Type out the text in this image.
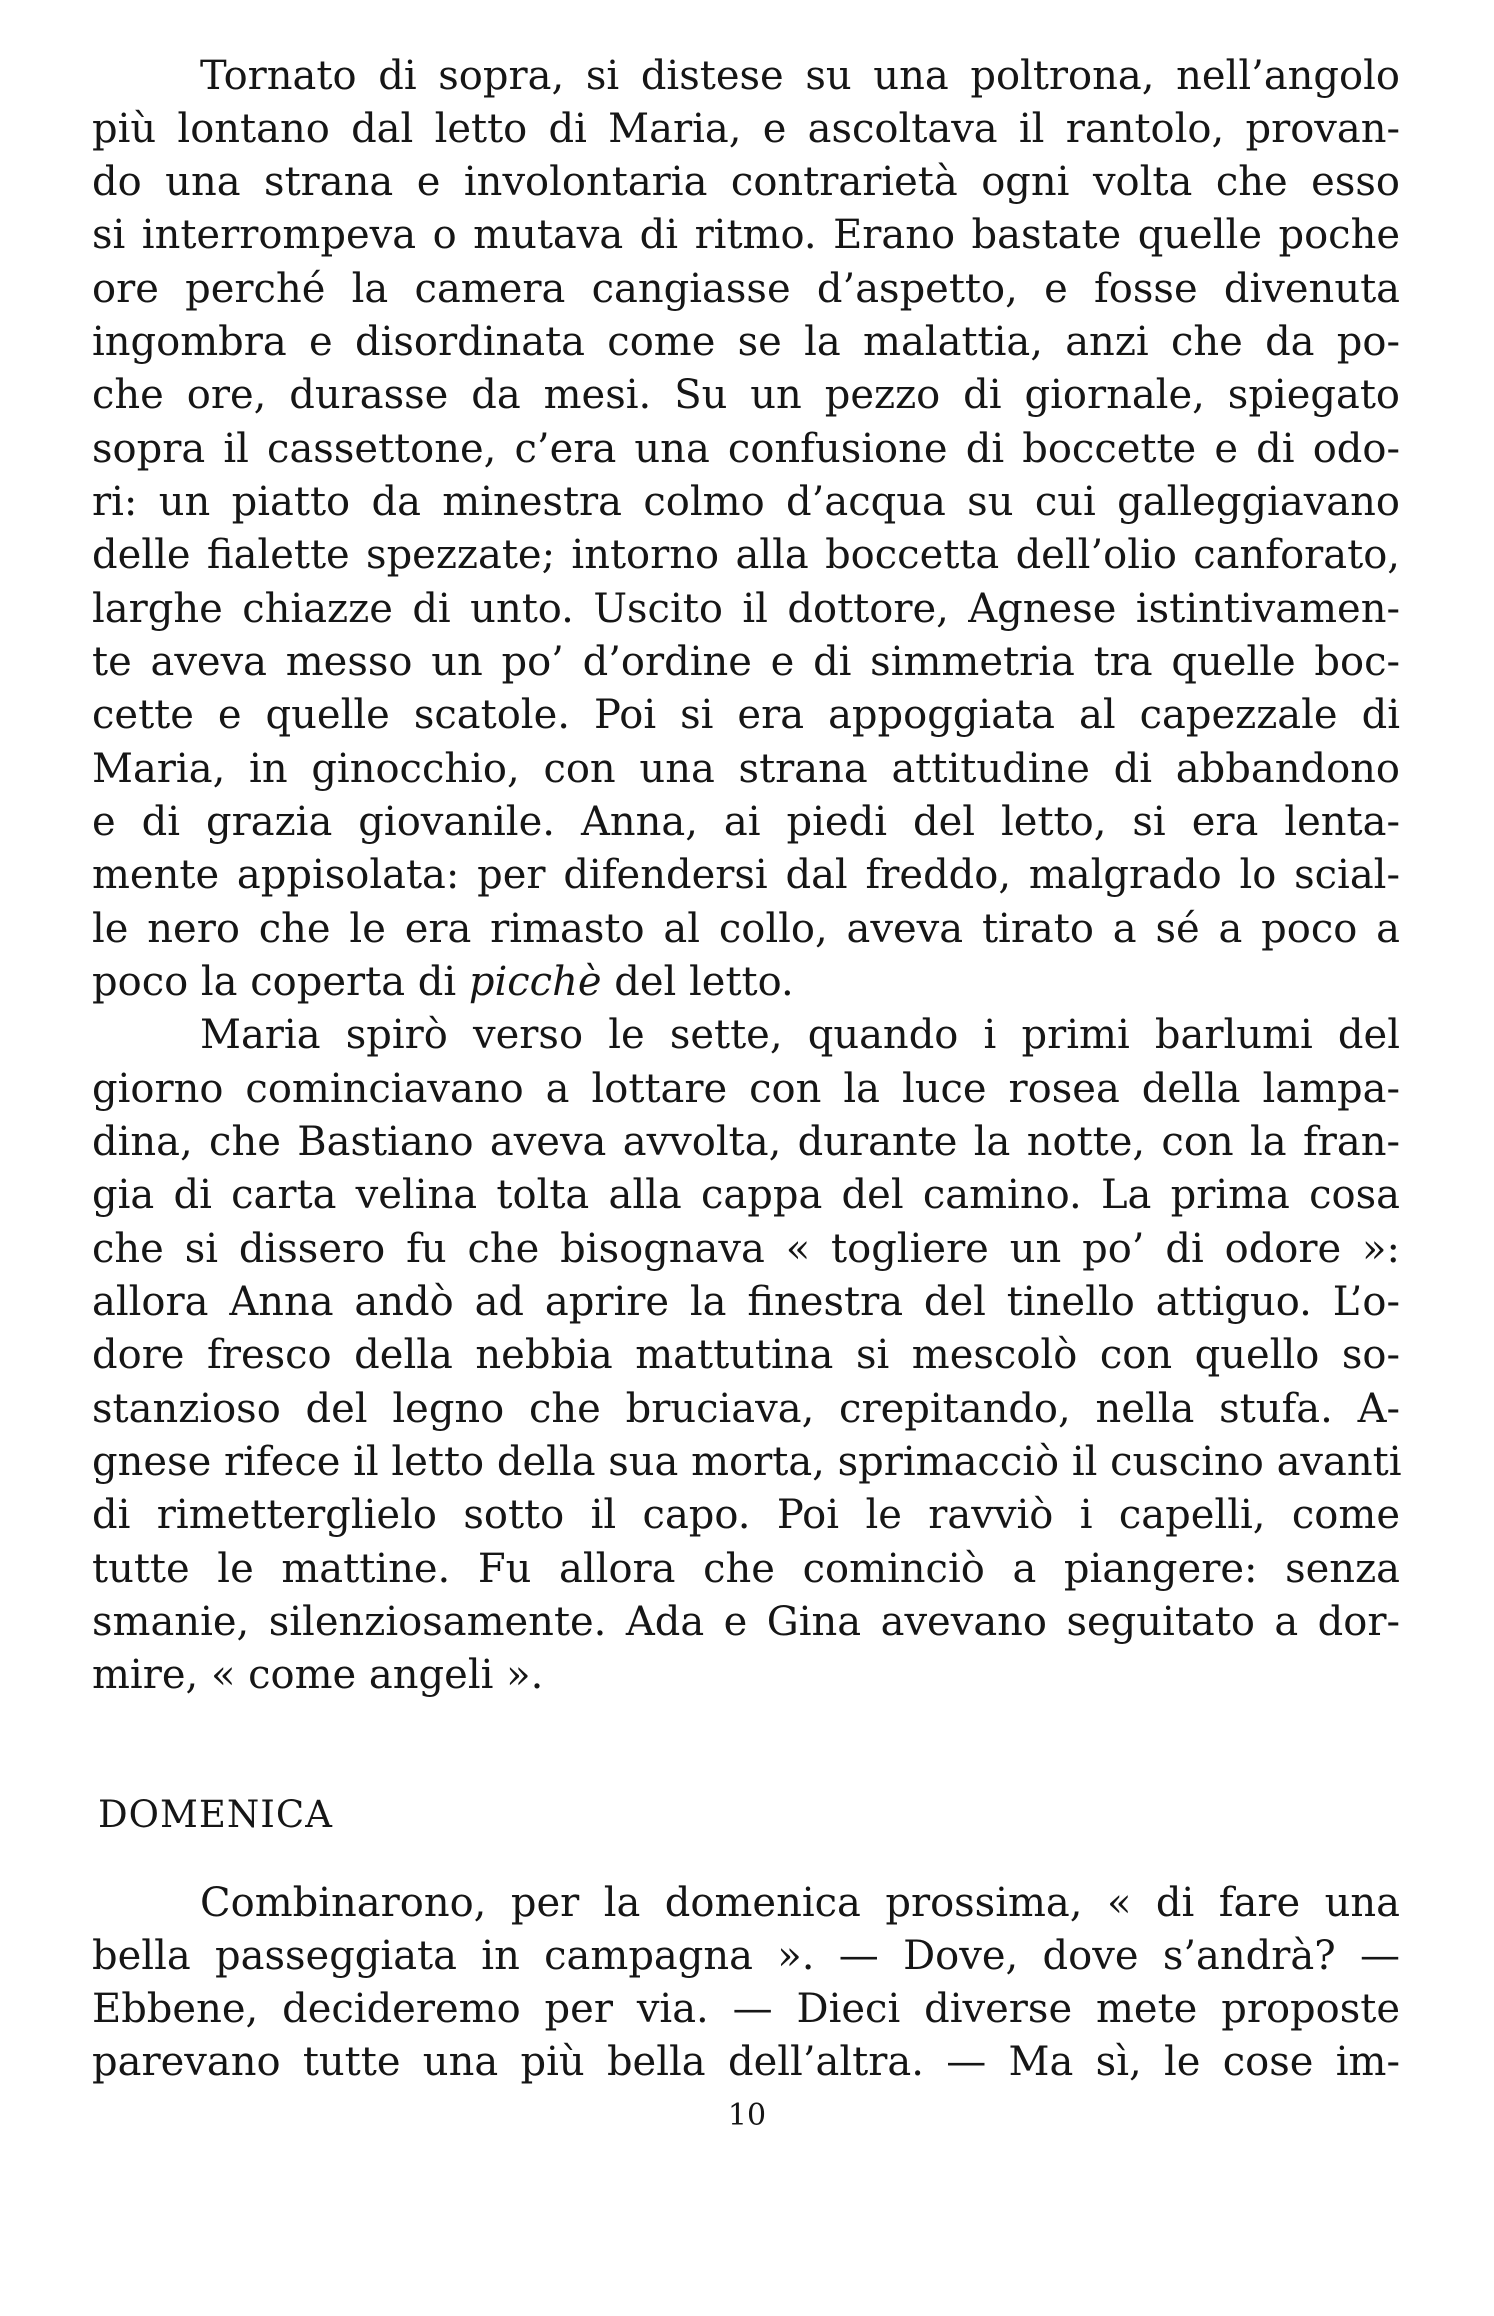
Tornato di sopra, si distese su una poltrona, nell’angolo
più lontano dal letto di Maria, e ascoltava il rantolo, provan-
do una strana e involontaria contrarietà ogni volta che esso
si interrompeva o mutava di ritmo. Erano bastate quelle poche
ore perché la camera cangiasse d’aspetto, e fosse divenuta
ingombra e disordinata come se la malattia, anzi che da po-
che ore, durasse da mesi. Su un pezzo di giornale, spiegato
sopra il cassettone, c’era una confusione di boccette e di odo-
ri: un piatto da minestra colmo d’acqua su cui galleggiavano
delle fialette spezzate; intorno alla boccetta dell’olio canforato,
larghe chiazze di unto. Uscito il dottore, Agnese istintivamen-
te aveva messo un po’ d’ordine e di simmetria tra quelle boc-
cette e quelle scatole. Poi si era appoggiata al capezzale di
Maria, in ginocchio, con una strana attitudine di abbandono
e di grazia giovanile. Anna, ai piedi del letto, si era lenta-
mente appisolata: per difendersi dal freddo, malgrado lo scial-
le nero che le era rimasto al collo, aveva tirato a sé a poco a
poco la coperta di picchè del letto.
Maria spirò verso le sette, quando i primi barlumi del
giorno cominciavano a lottare con la luce rosea della lampa-
dina, che Bastiano aveva avvolta, durante la notte, con la fran-
gia di carta velina tolta alla cappa del camino. La prima cosa
che si dissero fu che bisognava « togliere un po’ di odore »:
allora Anna andò ad aprire la finestra del tinello attiguo. L’o-
dore fresco della nebbia mattutina si mescolò con quello so-
stanzioso del legno che bruciava, crepitando, nella stufa. A-
gnese rifece il letto della sua morta, sprimacciò il cuscino avanti
di rimetterglielo sotto il capo. Poi le ravviò i capelli, come
tutte le mattine. Fu allora che cominciò a piangere: senza
smanie, silenziosamente. Ada e Gina avevano seguitato a dor-
mire, « come angeli ».
DOMENICA
Combinarono, per la domenica prossima, « di fare una
bella passeggiata in campagna ». — Dove, dove s’andrà? —
Ebbene, decideremo per via. — Dieci diverse mete proposte
parevano tutte una più bella dell’altra. — Ma sì, le cose im-
10
